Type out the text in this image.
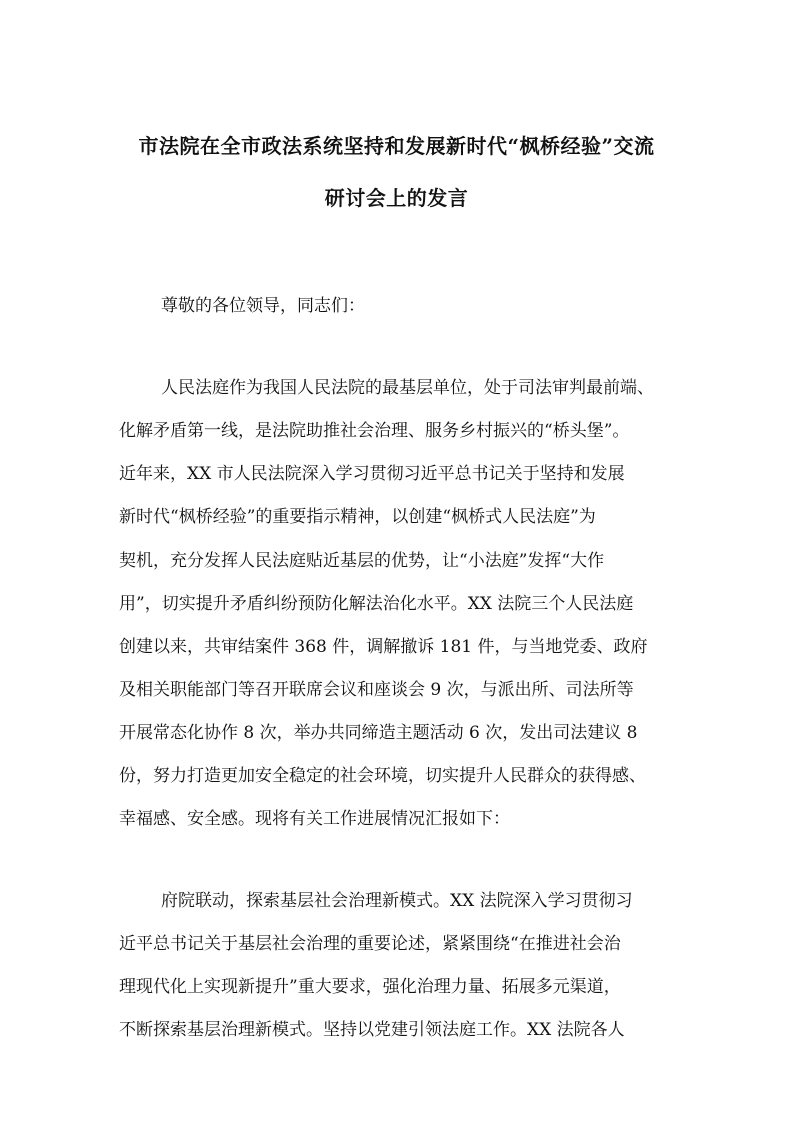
市法院在全市政法系统坚持和发展新时代“枫桥经验”交流
研讨会上的发言

尊敬的各位领导，同志们：

人民法庭作为我国人民法院的最基层单位，处于司法审判最前端、

化解矛盾第一线，是法院助推社会治理、服务乡村振兴的“桥头堡”。

近年来，XX 市人民法院深入学习贯彻习近平总书记关于坚持和发展

新时代“枫桥经验”的重要指示精神，以创建“枫桥式人民法庭”为

契机，充分发挥人民法庭贴近基层的优势，让“小法庭”发挥“大作

用”，切实提升矛盾纠纷预防化解法治化水平。XX 法院三个人民法庭

创建以来，共审结案件 368 件，调解撤诉 181 件，与当地党委、政府

及相关职能部门等召开联席会议和座谈会 9 次，与派出所、司法所等

开展常态化协作 8 次，举办共同缔造主题活动 6 次，发出司法建议 8

份，努力打造更加安全稳定的社会环境，切实提升人民群众的获得感、

幸福感、安全感。现将有关工作进展情况汇报如下：

府院联动，探索基层社会治理新模式。XX 法院深入学习贯彻习

近平总书记关于基层社会治理的重要论述，紧紧围绕“在推进社会治

理现代化上实现新提升”重大要求，强化治理力量、拓展多元渠道，

不断探索基层治理新模式。坚持以党建引领法庭工作。XX 法院各人
